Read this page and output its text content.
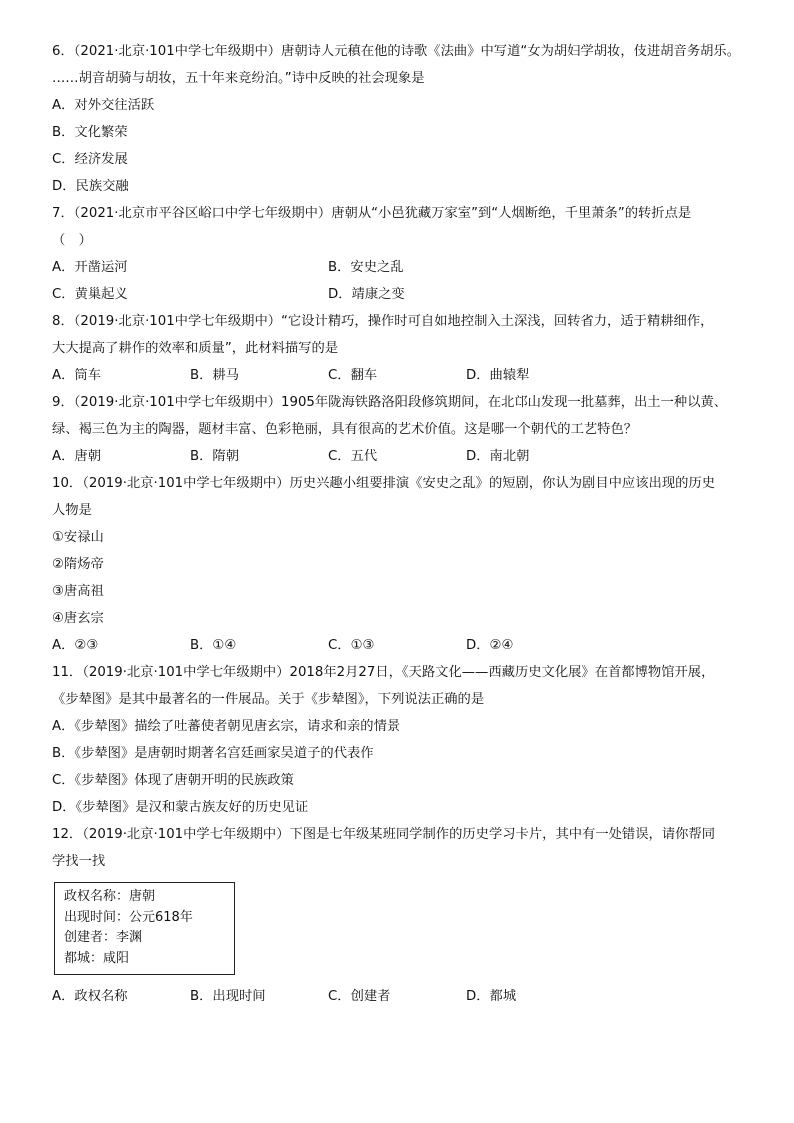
6．（2021·北京·101中学七年级期中）唐朝诗人元稹在他的诗歌《法曲》中写道“女为胡妇学胡妆，伎进胡音务胡乐。
……胡音胡骑与胡妆，五十年来竞纷泊。”诗中反映的社会现象是
A．对外交往活跃
B．文化繁荣
C．经济发展
D．民族交融
7．（2021·北京市平谷区峪口中学七年级期中）唐朝从“小邑犹藏万家室”到“人烟断绝，千里萧条”的转折点是
（　）
A．开凿运河	B．安史之乱
C．黄巢起义	D．靖康之变
8．（2019·北京·101中学七年级期中）“它设计精巧，操作时可自如地控制入土深浅，回转省力，适于精耕细作，
大大提高了耕作的效率和质量”，此材料描写的是
A．筒车	B．耕马	C．翻车	D．曲辕犁
9．（2019·北京·101中学七年级期中）1905年陇海铁路洛阳段修筑期间，在北邙山发现一批墓葬，出土一种以黄、
绿、褐三色为主的陶器，题材丰富、色彩艳丽，具有很高的艺术价值。这是哪一个朝代的工艺特色？
A．唐朝	B．隋朝	C．五代	D．南北朝
10．（2019·北京·101中学七年级期中）历史兴趣小组要排演《安史之乱》的短剧，你认为剧目中应该出现的历史
人物是
①安禄山
②隋炀帝
③唐高祖
④唐玄宗
A．②③	B．①④	C．①③	D．②④
11．（2019·北京·101中学七年级期中）2018年2月27日，《天路文化——西藏历史文化展》在首都博物馆开展，
《步辇图》是其中最著名的一件展品。关于《步辇图》，下列说法正确的是
A．《步辇图》描绘了吐蕃使者朝见唐玄宗，请求和亲的情景
B．《步辇图》是唐朝时期著名宫廷画家吴道子的代表作
C．《步辇图》体现了唐朝开明的民族政策
D．《步辇图》是汉和蒙古族友好的历史见证
12．（2019·北京·101中学七年级期中）下图是七年级某班同学制作的历史学习卡片，其中有一处错误，请你帮同
学找一找
政权名称：唐朝
出现时间：公元618年
创建者：李渊
都城：咸阳
A．政权名称	B．出现时间	C．创建者	D．都城
